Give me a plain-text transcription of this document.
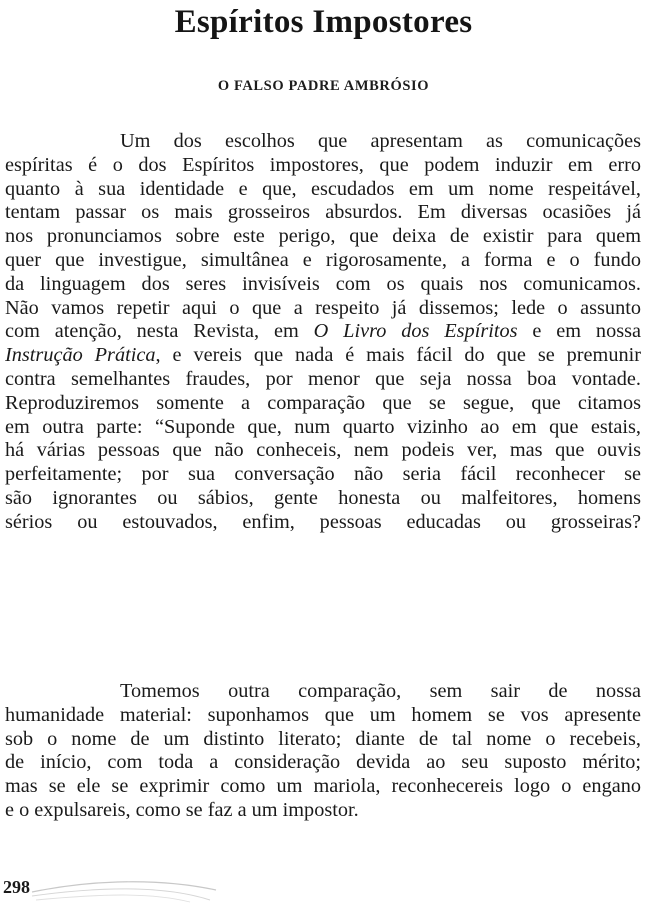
Espíritos Impostores
O FALSO PADRE AMBRÓSIO
Um dos escolhos que apresentam as comunicações
espíritas é o dos Espíritos impostores, que podem induzir em erro
quanto à sua identidade e que, escudados em um nome respeitável,
tentam passar os mais grosseiros absurdos. Em diversas ocasiões já
nos pronunciamos sobre este perigo, que deixa de existir para quem
quer que investigue, simultânea e rigorosamente, a forma e o fundo
da linguagem dos seres invisíveis com os quais nos comunicamos.
Não vamos repetir aqui o que a respeito já dissemos; lede o assunto
com atenção, nesta Revista, em O Livro dos Espíritos e em nossa
Instrução Prática, e vereis que nada é mais fácil do que se premunir
contra semelhantes fraudes, por menor que seja nossa boa vontade.
Reproduziremos somente a comparação que se segue, que citamos
em outra parte: “Suponde que, num quarto vizinho ao em que estais,
há várias pessoas que não conheceis, nem podeis ver, mas que ouvis
perfeitamente; por sua conversação não seria fácil reconhecer se
são ignorantes ou sábios, gente honesta ou malfeitores, homens
sérios ou estouvados, enfim, pessoas educadas ou grosseiras?
Tomemos outra comparação, sem sair de nossa
humanidade material: suponhamos que um homem se vos apresente
sob o nome de um distinto literato; diante de tal nome o recebeis,
de início, com toda a consideração devida ao seu suposto mérito;
mas se ele se exprimir como um mariola, reconhecereis logo o engano
e o expulsareis, como se faz a um impostor.
298
